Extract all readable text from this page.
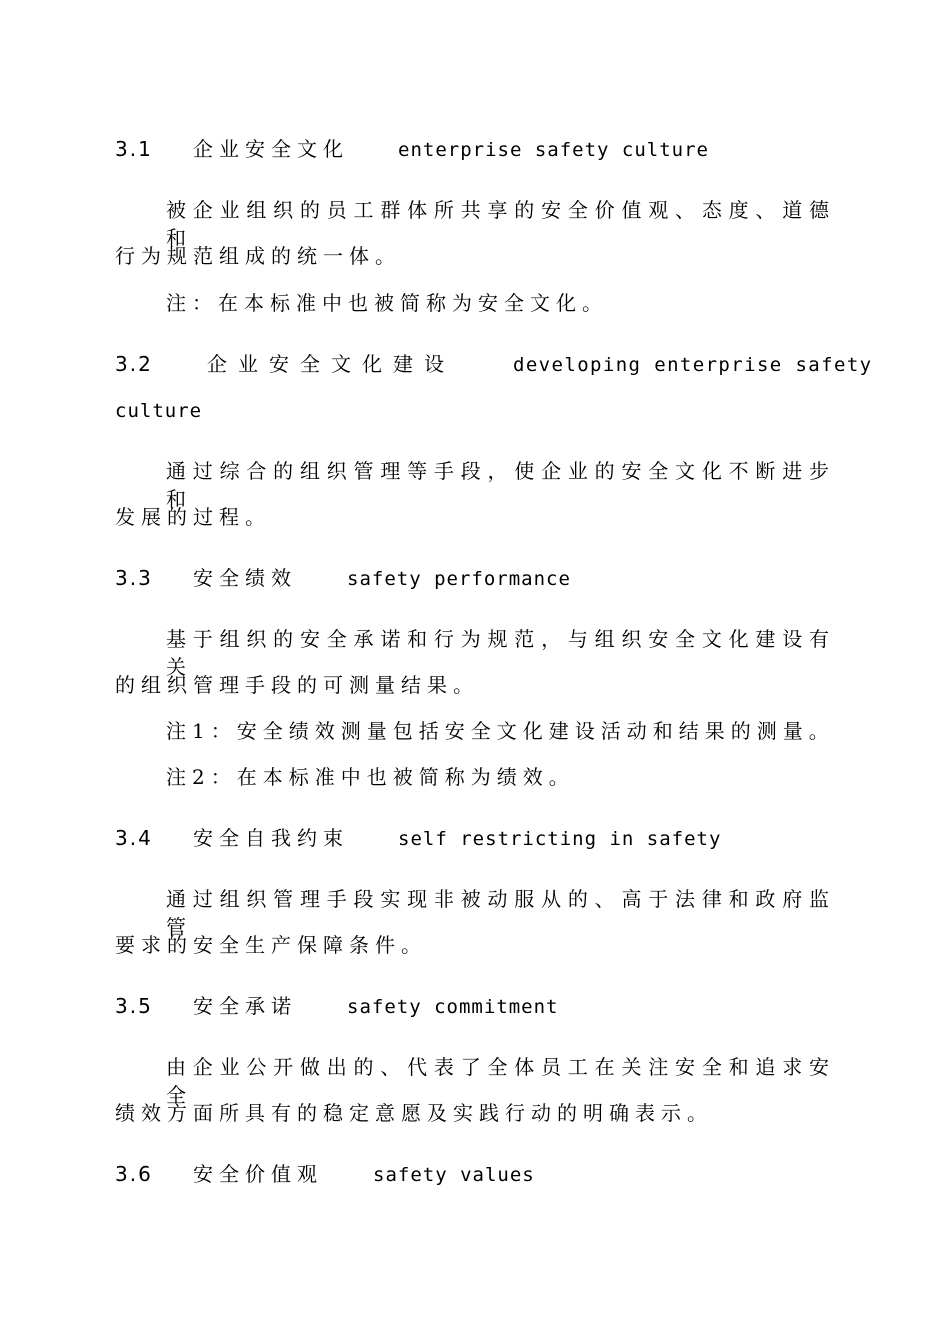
3.1 企业安全文化	enterprise safety culture
被企业组织的员工群体所共享的安全价值观、态度、道德和
行为规范组成的统一体。
注：在本标准中也被简称为安全文化。
3.2	企业安全文化建设	developing enterprise safety
culture
通过综合的组织管理等手段，使企业的安全文化不断进步和
发展的过程。
3.3 安全绩效	safety performance
基于组织的安全承诺和行为规范，与组织安全文化建设有关
的组织管理手段的可测量结果。
注1：安全绩效测量包括安全文化建设活动和结果的测量。
注2：在本标准中也被简称为绩效。
3.4 安全自我约束	self restricting in safety
通过组织管理手段实现非被动服从的、高于法律和政府监管
要求的安全生产保障条件。
3.5 安全承诺	safety commitment
由企业公开做出的、代表了全体员工在关注安全和追求安全
绩效方面所具有的稳定意愿及实践行动的明确表示。
3.6 安全价值观	safety values
